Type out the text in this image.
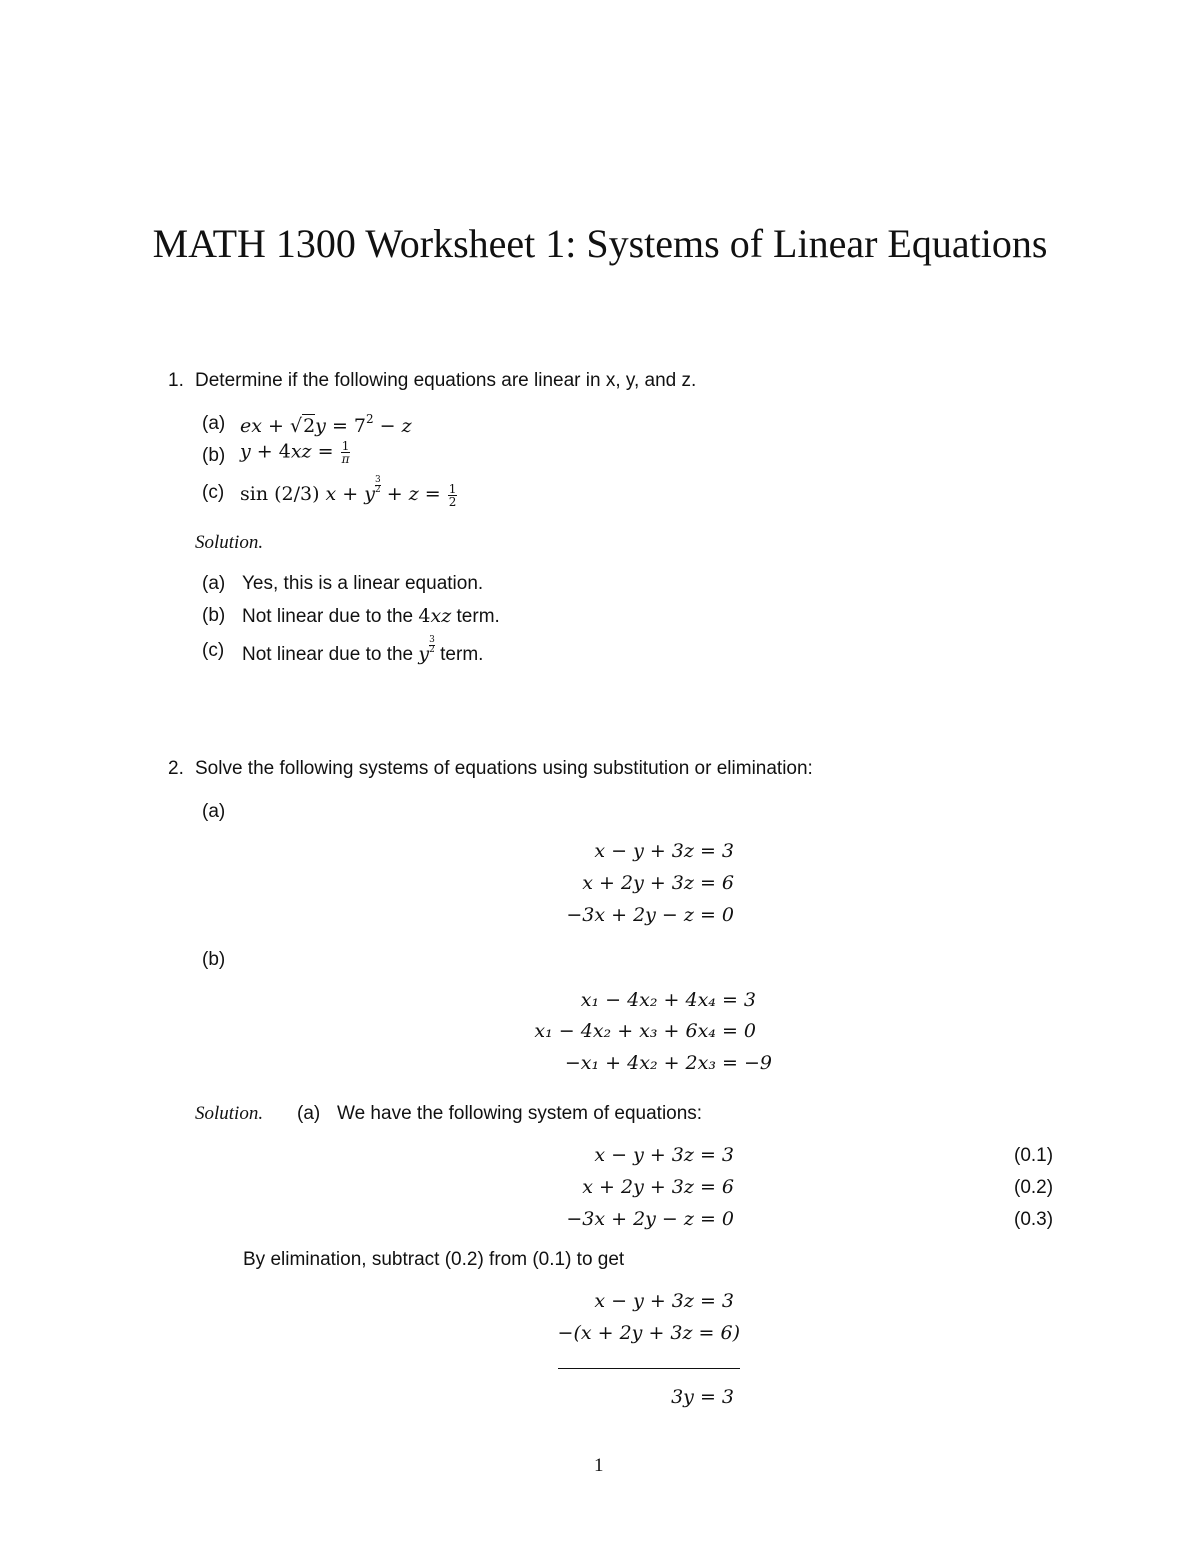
MATH 1300 Worksheet 1: Systems of Linear Equations
1. Determine if the following equations are linear in x, y, and z.
(a) ex + $√2y = 7^2 - z$
(b) $y + 4xz = \frac{1}{\pi}$
(c) sin (2/3) x + y $\frac{3}{2} + z = \frac{1}{2}$
Solution.
(a) Yes, this is a linear equation.
(b) Not linear due to the 4xz term.
(c) Not linear due to the y $\frac{3}{2}$ term.
2. Solve the following systems of equations using substitution or elimination:
(a)
x − y + 3z = 3
x + 2y + 3z = 6
−3x + 2y − z = 0
(b)
x₁ − 4x₂ + 4x₄ = 3
x₁ − 4x₂ + x₃ + 6x₄ = 0
−x₁ + 4x₂ + 2x₃ = −9
Solution. (a) We have the following system of equations:
x − y + 3z = 3	(0.1)
x + 2y + 3z = 6	(0.2)
−3x + 2y − z = 0	(0.3)
By elimination, subtract (0.2) from (0.1) to get
x − y + 3z = 3
−(x + 2y + 3z = 6)
3y = 3
1
